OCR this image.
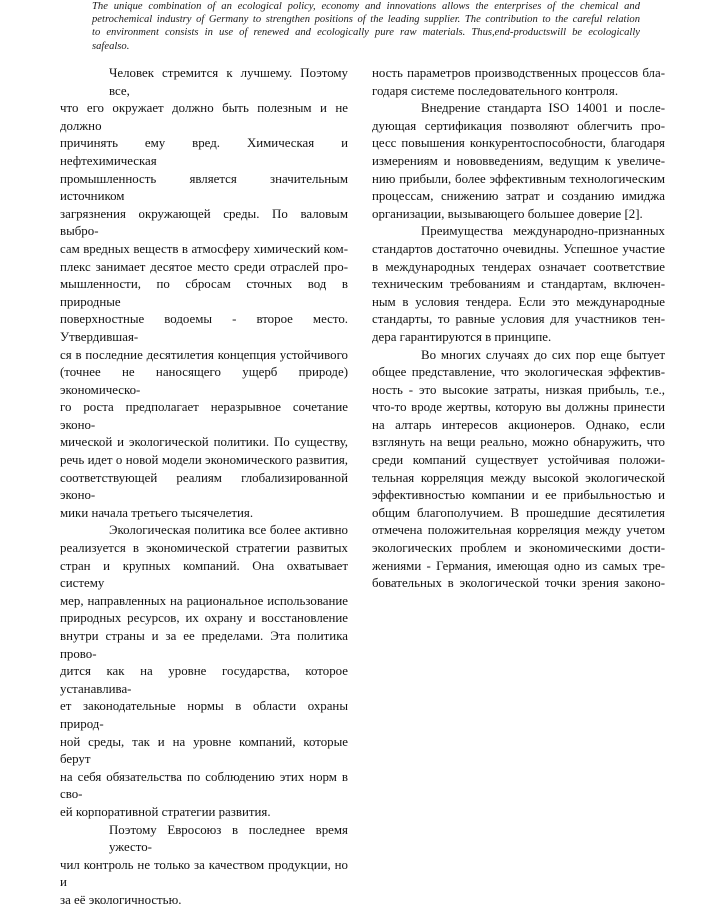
The unique combination of an ecological policy, economy and innovations allows the enterprises of the chemical and
petrochemical industry of Germany to strengthen positions of the leading supplier. The contribution to the careful relation
to environment consists in use of renewed and ecologically pure raw materials. Thus,end-productswill be ecologically
safealso.
Человек стремится к лучшему. Поэтому все,
что его окружает должно быть полезным и не должно
причинять ему вред. Химическая и нефтехимическая
промышленность является значительным источником
загрязнения окружающей среды. По валовым выбро-
сам вредных веществ в атмосферу химический ком-
плекс занимает десятое место среди отраслей про-
мышленности, по сбросам сточных вод в природные
поверхностные водоемы - второе место. Утвердившая-
ся в последние десятилетия концепция устойчивого
(точнее не наносящего ущерб природе) экономическо-
го роста предполагает неразрывное сочетание эконо-
мической и экологической политики. По существу,
речь идет о новой модели экономического развития,
соответствующей реалиям глобализированной эконо-
мики начала третьего тысячелетия.
Экологическая политика все более активно
реализуется в экономической стратегии развитых
стран и крупных компаний. Она охватывает систему
мер, направленных на рациональное использование
природных ресурсов, их охрану и восстановление
внутри страны и за ее пределами. Эта политика прово-
дится как на уровне государства, которое устанавлива-
ет законодательные нормы в области охраны природ-
ной среды, так и на уровне компаний, которые берут
на себя обязательства по соблюдению этих норм в сво-
ей корпоративной стратегии развития.
Поэтому Евросоюз в последнее время ужесто-
чил контроль не только за качеством продукции, но и
за её экологичностью.
ность параметров производственных процессов бла-
годаря системе последовательного контроля.
Внедрение стандарта ISO 14001 и после-
дующая сертификация позволяют облегчить про-
цесс повышения конкурентоспособности, благодаря
измерениям и нововведениям, ведущим к увеличе-
нию прибыли, более эффективным технологическим
процессам, снижению затрат и созданию имиджа
организации, вызывающего большее доверие [2].
Преимущества международно-признанных
стандартов достаточно очевидны. Успешное участие
в международных тендерах означает соответствие
техническим требованиям и стандартам, включен-
ным в условия тендера. Если это международные
стандарты, то равные условия для участников тен-
дера гарантируются в принципе.
Во многих случаях до сих пор еще бытует
общее представление, что экологическая эффектив-
ность - это высокие затраты, низкая прибыль, т.е.,
что-то вроде жертвы, которую вы должны принести
на алтарь интересов акционеров. Однако, если
взглянуть на вещи реально, можно обнаружить, что
среди компаний существует устойчивая положи-
тельная корреляция между высокой экологической
эффективностью компании и ее прибыльностью и
общим благополучием. В прошедшие десятилетия
отмечена положительная корреляция между учетом
экологических проблем и экономическими дости-
жениями - Германия, имеющая одно из самых тре-
бовательных в экологической точки зрения законо-
